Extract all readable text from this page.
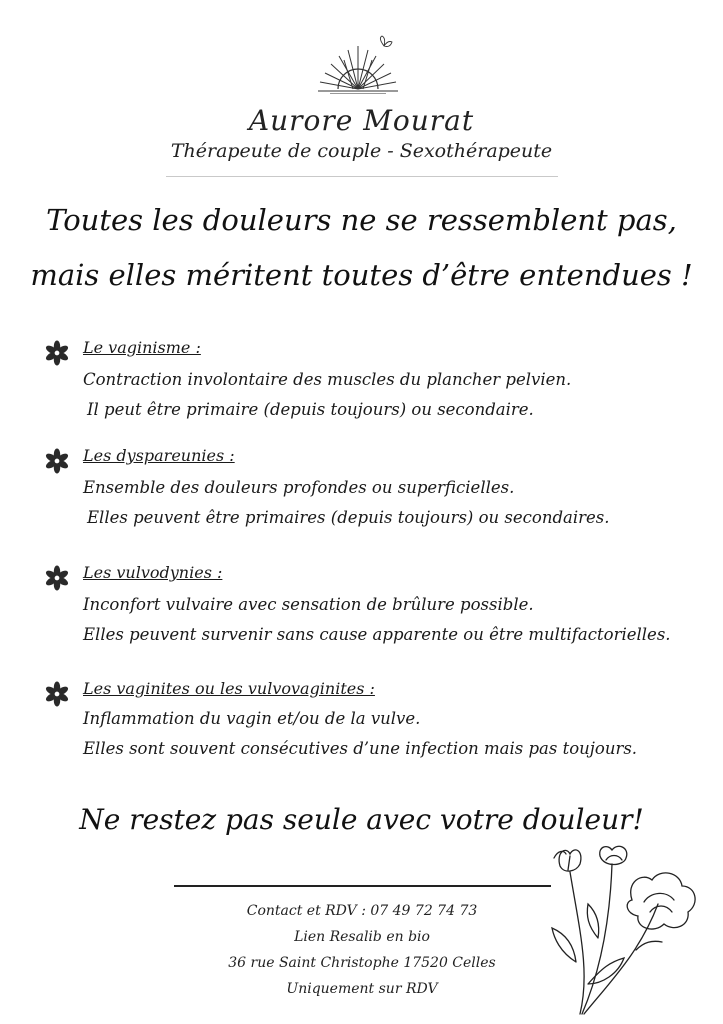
Aurore Mourat
Thérapeute de couple - Sexothérapeute
Toutes les douleurs ne se ressemblent pas,
mais elles méritent toutes d’être entendues !
Le vaginisme :
Contraction involontaire des muscles du plancher pelvien.
Il peut être primaire (depuis toujours) ou secondaire.
Les dyspareunies :
Ensemble des douleurs profondes ou superficielles.
Elles peuvent être primaires (depuis toujours) ou secondaires.
Les vulvodynies :
Inconfort vulvaire avec sensation de brûlure possible.
Elles peuvent survenir sans cause apparente ou être multifactorielles.
Les vaginites ou les vulvovaginites :
Inflammation du vagin et/ou de la vulve.
Elles sont souvent consécutives d’une infection mais pas toujours.
Ne restez pas seule avec votre douleur!
Contact et RDV : 07 49 72 74 73
Lien Resalib en bio
36 rue Saint Christophe 17520 Celles
Uniquement sur RDV
